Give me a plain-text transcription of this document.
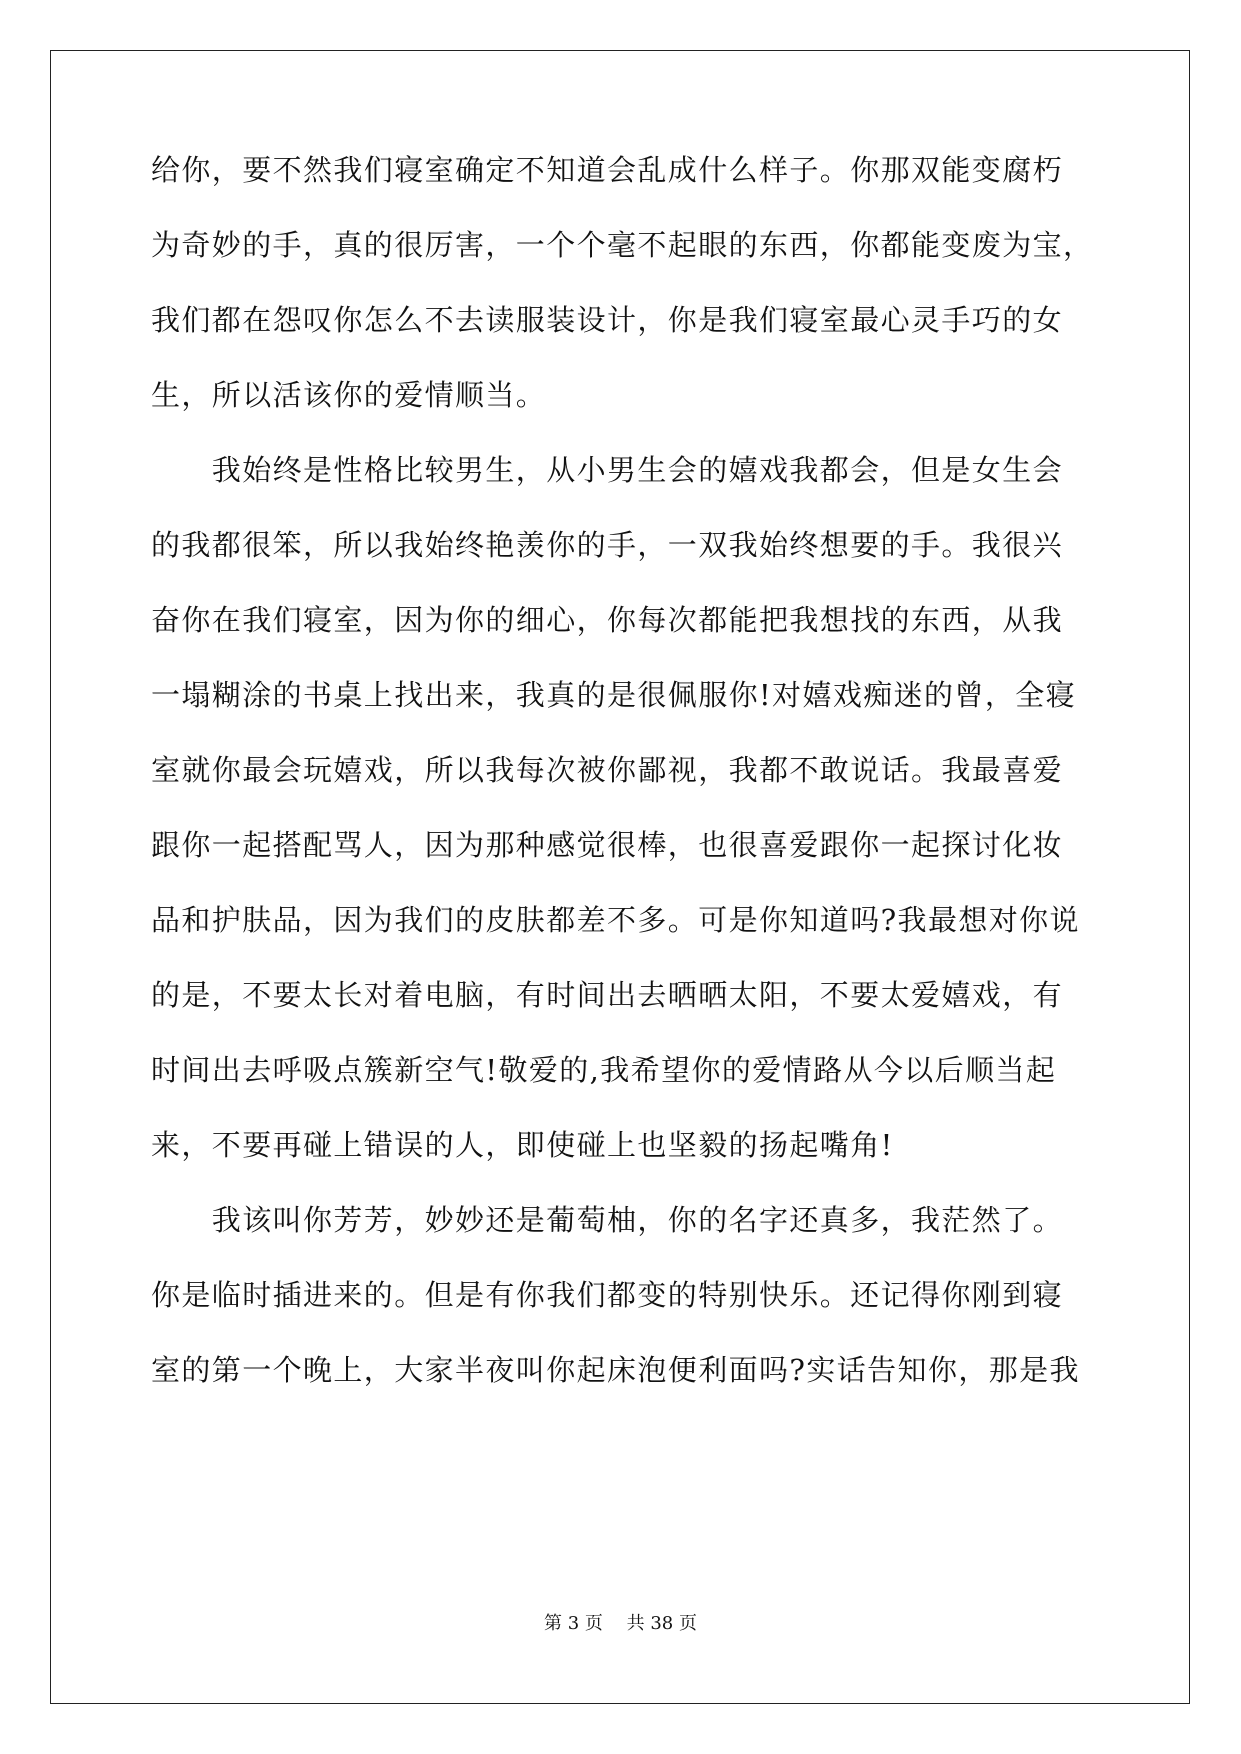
给你，要不然我们寝室确定不知道会乱成什么样子。你那双能变腐朽
为奇妙的手，真的很厉害，一个个毫不起眼的东西，你都能变废为宝，
我们都在怨叹你怎么不去读服装设计，你是我们寝室最心灵手巧的女
生，所以活该你的爱情顺当。
　　我始终是性格比较男生，从小男生会的嬉戏我都会，但是女生会
的我都很笨，所以我始终艳羡你的手，一双我始终想要的手。我很兴
奋你在我们寝室，因为你的细心，你每次都能把我想找的东西，从我
一塌糊涂的书桌上找出来，我真的是很佩服你!对嬉戏痴迷的曾，全寝
室就你最会玩嬉戏，所以我每次被你鄙视，我都不敢说话。我最喜爱
跟你一起搭配骂人，因为那种感觉很棒，也很喜爱跟你一起探讨化妆
品和护肤品，因为我们的皮肤都差不多。可是你知道吗?我最想对你说
的是，不要太长对着电脑，有时间出去晒晒太阳，不要太爱嬉戏，有
时间出去呼吸点簇新空气!敬爱的,我希望你的爱情路从今以后顺当起
来，不要再碰上错误的人，即使碰上也坚毅的扬起嘴角!
　　我该叫你芳芳，妙妙还是葡萄柚，你的名字还真多，我茫然了。
你是临时插进来的。但是有你我们都变的特别快乐。还记得你刚到寝
室的第一个晚上，大家半夜叫你起床泡便利面吗?实话告知你，那是我
第 3 页　 共 38 页
